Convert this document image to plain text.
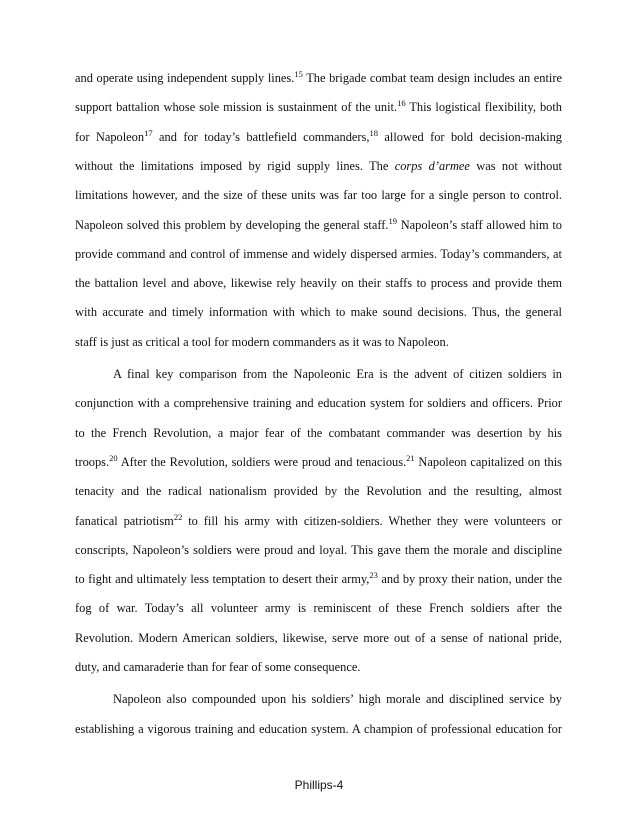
and operate using independent supply lines.$^{15}$ The brigade combat team design includes an entire
support battalion whose sole mission is sustainment of the unit.$^{16}$ This logistical flexibility, both
for Napoleon$^{17}$ and for today’s battlefield commanders,$^{18}$ allowed for bold decision-making
without the limitations imposed by rigid supply lines. The corps d’armee was not without
limitations however, and the size of these units was far too large for a single person to control.
Napoleon solved this problem by developing the general staff.$^{19}$ Napoleon’s staff allowed him to
provide command and control of immense and widely dispersed armies. Today’s commanders, at
the battalion level and above, likewise rely heavily on their staffs to process and provide them
with accurate and timely information with which to make sound decisions. Thus, the general
staff is just as critical a tool for modern commanders as it was to Napoleon.
A final key comparison from the Napoleonic Era is the advent of citizen soldiers in
conjunction with a comprehensive training and education system for soldiers and officers. Prior
to the French Revolution, a major fear of the combatant commander was desertion by his
troops.$^{20}$ After the Revolution, soldiers were proud and tenacious.$^{21}$ Napoleon capitalized on this
tenacity and the radical nationalism provided by the Revolution and the resulting, almost
fanatical patriotism$^{22}$ to fill his army with citizen-soldiers. Whether they were volunteers or
conscripts, Napoleon’s soldiers were proud and loyal. This gave them the morale and discipline
to fight and ultimately less temptation to desert their army,$^{23}$ and by proxy their nation, under the
fog of war. Today’s all volunteer army is reminiscent of these French soldiers after the
Revolution. Modern American soldiers, likewise, serve more out of a sense of national pride,
duty, and camaraderie than for fear of some consequence.
Napoleon also compounded upon his soldiers’ high morale and disciplined service by
establishing a vigorous training and education system. A champion of professional education for
Phillips-4
